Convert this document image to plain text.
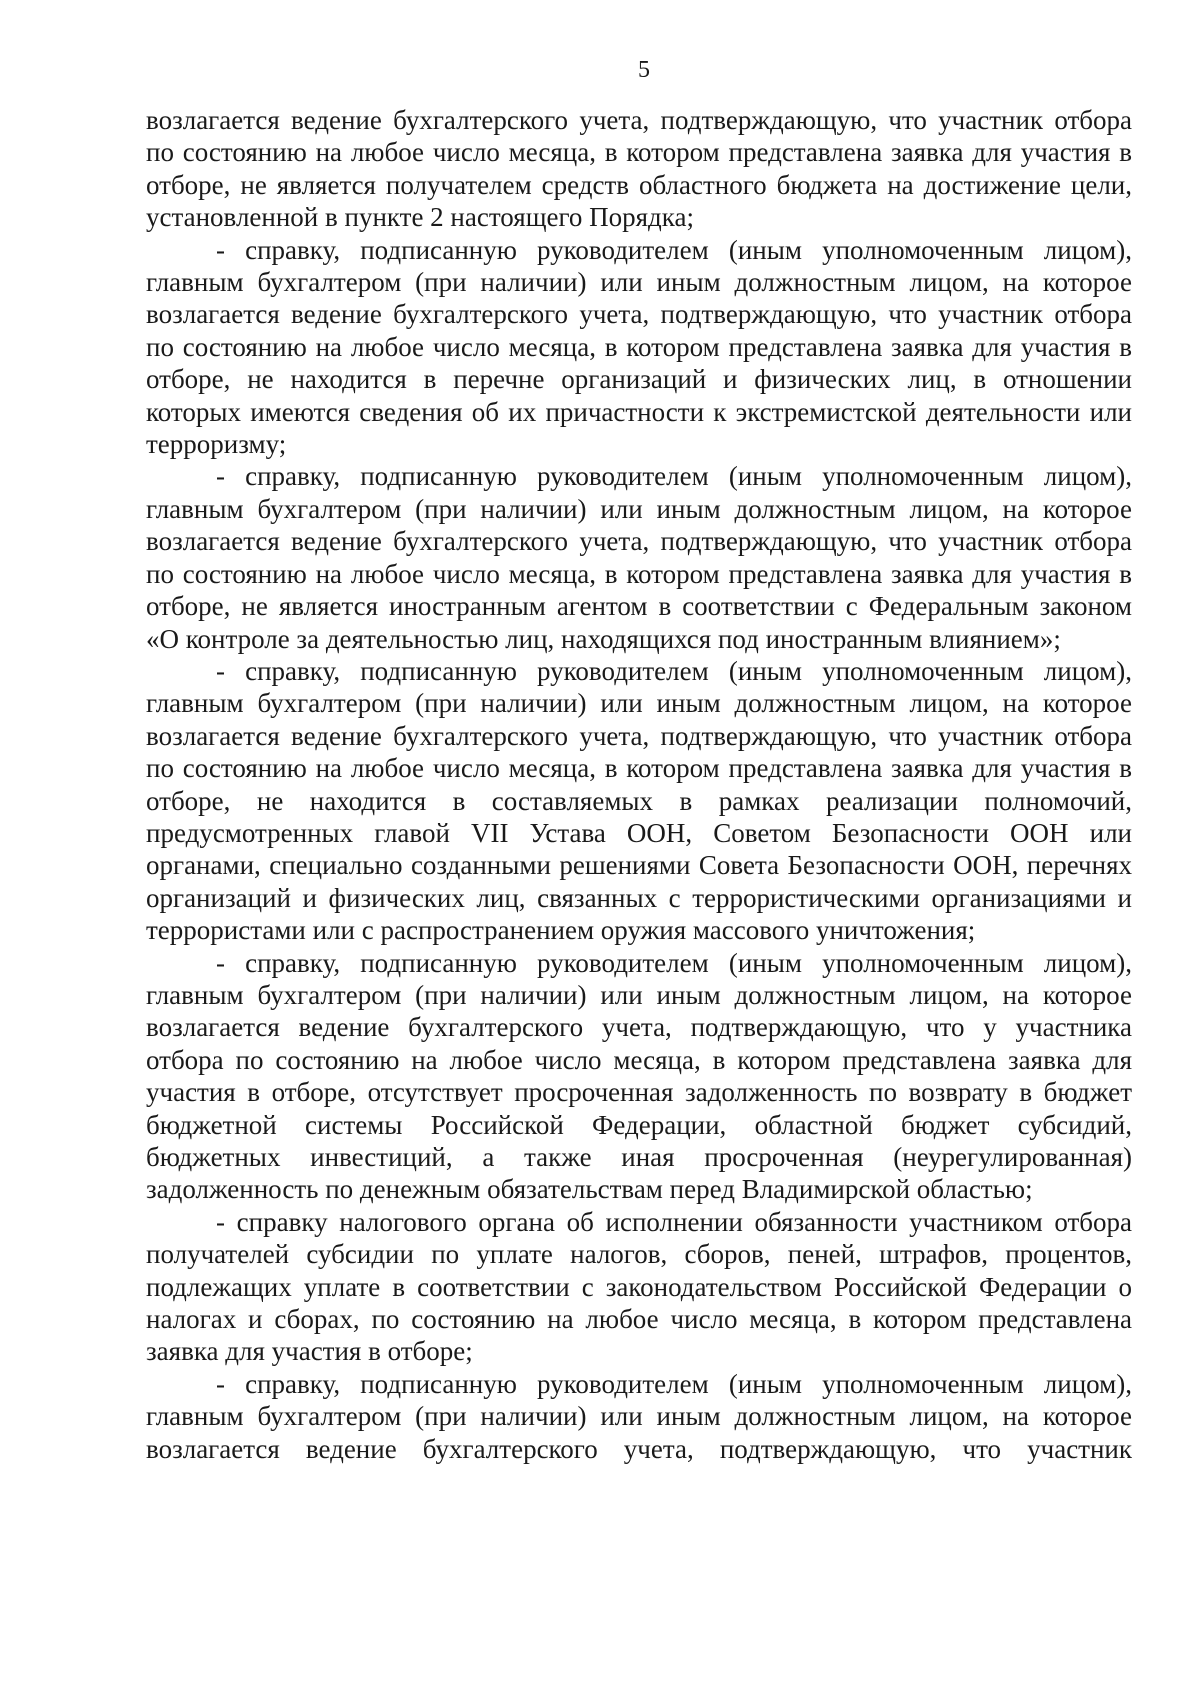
5

возлагается ведение бухгалтерского учета, подтверждающую, что участник отбора по состоянию на любое число месяца, в котором представлена заявка для участия в отборе, не является получателем средств областного бюджета на достижение цели, установленной в пункте 2 настоящего Порядка;

- справку, подписанную руководителем (иным уполномоченным лицом), главным бухгалтером (при наличии) или иным должностным лицом, на которое возлагается ведение бухгалтерского учета, подтверждающую, что участник отбора по состоянию на любое число месяца, в котором представлена заявка для участия в отборе, не находится в перечне организаций и физических лиц, в отношении которых имеются сведения об их причастности к экстремистской деятельности или терроризму;

- справку, подписанную руководителем (иным уполномоченным лицом), главным бухгалтером (при наличии) или иным должностным лицом, на которое возлагается ведение бухгалтерского учета, подтверждающую, что участник отбора по состоянию на любое число месяца, в котором представлена заявка для участия в отборе, не является иностранным агентом в соответствии с Федеральным законом «О контроле за деятельностью лиц, находящихся под иностранным влиянием»;

- справку, подписанную руководителем (иным уполномоченным лицом), главным бухгалтером (при наличии) или иным должностным лицом, на которое возлагается ведение бухгалтерского учета, подтверждающую, что участник отбора по состоянию на любое число месяца, в котором представлена заявка для участия в отборе, не находится в составляемых в рамках реализации полномочий, предусмотренных главой VII Устава ООН, Советом Безопасности ООН или органами, специально созданными решениями Совета Безопасности ООН, перечнях организаций и физических лиц, связанных с террористическими организациями и террористами или с распространением оружия массового уничтожения;

- справку, подписанную руководителем (иным уполномоченным лицом), главным бухгалтером (при наличии) или иным должностным лицом, на которое возлагается ведение бухгалтерского учета, подтверждающую, что у участника отбора по состоянию на любое число месяца, в котором представлена заявка для участия в отборе, отсутствует просроченная задолженность по возврату в бюджет бюджетной системы Российской Федерации, областной бюджет субсидий, бюджетных инвестиций, а также иная просроченная (неурегулированная) задолженность по денежным обязательствам перед Владимирской областью;

- справку налогового органа об исполнении обязанности участником отбора получателей субсидии по уплате налогов, сборов, пеней, штрафов, процентов, подлежащих уплате в соответствии с законодательством Российской Федерации о налогах и сборах, по состоянию на любое число месяца, в котором представлена заявка для участия в отборе;

- справку, подписанную руководителем (иным уполномоченным лицом), главным бухгалтером (при наличии) или иным должностным лицом, на которое возлагается ведение бухгалтерского учета, подтверждающую, что участник
